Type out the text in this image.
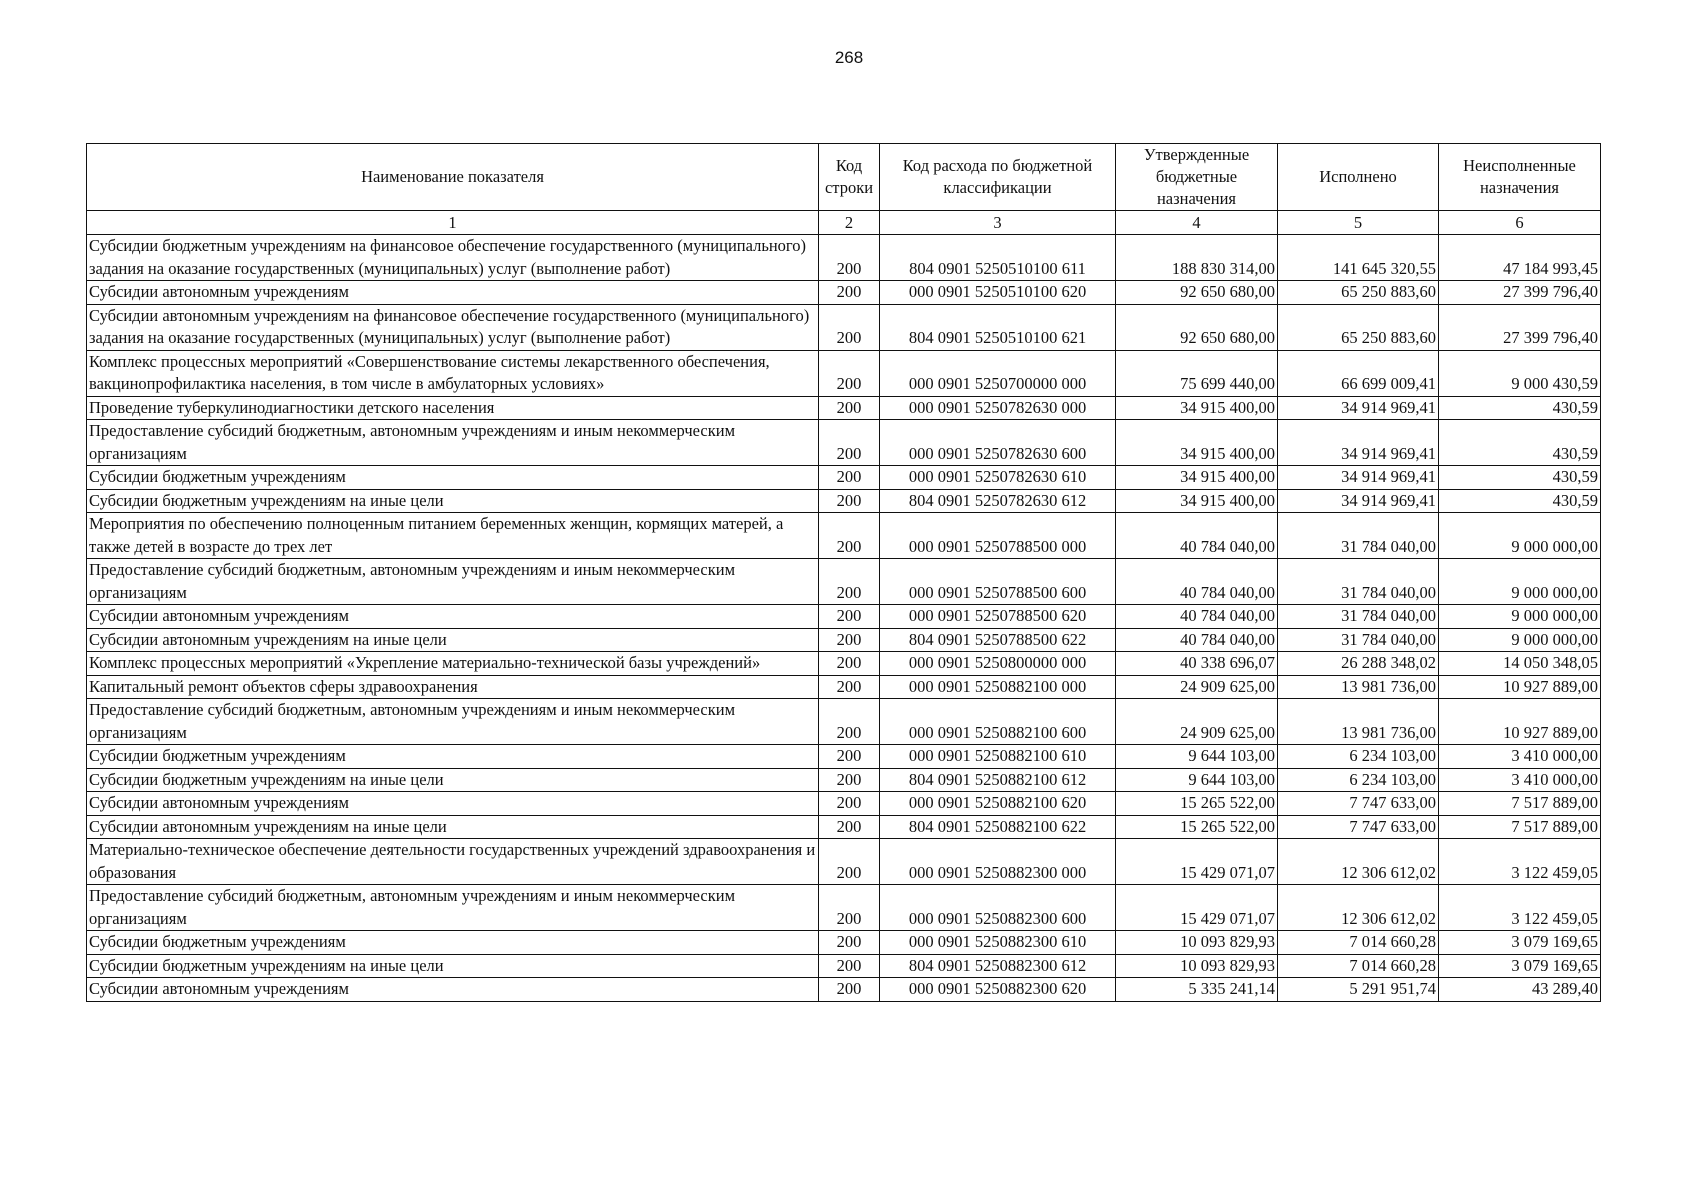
268
Наименование показателя	Код строки	Код расхода по бюджетной классификации	Утвержденные бюджетные назначения	Исполнено	Неисполненные назначения
1	2	3	4	5	6
Субсидии бюджетным учреждениям на финансовое обеспечение государственного (муниципального) задания на оказание государственных (муниципальных) услуг (выполнение работ)	200	804 0901 5250510100 611	188 830 314,00	141 645 320,55	47 184 993,45
Субсидии автономным учреждениям	200	000 0901 5250510100 620	92 650 680,00	65 250 883,60	27 399 796,40
Субсидии автономным учреждениям на финансовое обеспечение государственного (муниципального) задания на оказание государственных (муниципальных) услуг (выполнение работ)	200	804 0901 5250510100 621	92 650 680,00	65 250 883,60	27 399 796,40
Комплекс процессных мероприятий «Совершенствование системы лекарственного обеспечения, вакцинопрофилактика населения, в том числе в амбулаторных условиях»	200	000 0901 5250700000 000	75 699 440,00	66 699 009,41	9 000 430,59
Проведение туберкулинодиагностики детского населения	200	000 0901 5250782630 000	34 915 400,00	34 914 969,41	430,59
Предоставление субсидий бюджетным, автономным учреждениям и иным некоммерческим организациям	200	000 0901 5250782630 600	34 915 400,00	34 914 969,41	430,59
Субсидии бюджетным учреждениям	200	000 0901 5250782630 610	34 915 400,00	34 914 969,41	430,59
Субсидии бюджетным учреждениям на иные цели	200	804 0901 5250782630 612	34 915 400,00	34 914 969,41	430,59
Мероприятия по обеспечению полноценным питанием беременных женщин, кормящих матерей, а также детей в возрасте до трех лет	200	000 0901 5250788500 000	40 784 040,00	31 784 040,00	9 000 000,00
Предоставление субсидий бюджетным, автономным учреждениям и иным некоммерческим организациям	200	000 0901 5250788500 600	40 784 040,00	31 784 040,00	9 000 000,00
Субсидии автономным учреждениям	200	000 0901 5250788500 620	40 784 040,00	31 784 040,00	9 000 000,00
Субсидии автономным учреждениям на иные цели	200	804 0901 5250788500 622	40 784 040,00	31 784 040,00	9 000 000,00
Комплекс процессных мероприятий «Укрепление материально-технической базы учреждений»	200	000 0901 5250800000 000	40 338 696,07	26 288 348,02	14 050 348,05
Капитальный ремонт объектов сферы здравоохранения	200	000 0901 5250882100 000	24 909 625,00	13 981 736,00	10 927 889,00
Предоставление субсидий бюджетным, автономным учреждениям и иным некоммерческим организациям	200	000 0901 5250882100 600	24 909 625,00	13 981 736,00	10 927 889,00
Субсидии бюджетным учреждениям	200	000 0901 5250882100 610	9 644 103,00	6 234 103,00	3 410 000,00
Субсидии бюджетным учреждениям на иные цели	200	804 0901 5250882100 612	9 644 103,00	6 234 103,00	3 410 000,00
Субсидии автономным учреждениям	200	000 0901 5250882100 620	15 265 522,00	7 747 633,00	7 517 889,00
Субсидии автономным учреждениям на иные цели	200	804 0901 5250882100 622	15 265 522,00	7 747 633,00	7 517 889,00
Материально-техническое обеспечение деятельности государственных учреждений здравоохранения и образования	200	000 0901 5250882300 000	15 429 071,07	12 306 612,02	3 122 459,05
Предоставление субсидий бюджетным, автономным учреждениям и иным некоммерческим организациям	200	000 0901 5250882300 600	15 429 071,07	12 306 612,02	3 122 459,05
Субсидии бюджетным учреждениям	200	000 0901 5250882300 610	10 093 829,93	7 014 660,28	3 079 169,65
Субсидии бюджетным учреждениям на иные цели	200	804 0901 5250882300 612	10 093 829,93	7 014 660,28	3 079 169,65
Субсидии автономным учреждениям	200	000 0901 5250882300 620	5 335 241,14	5 291 951,74	43 289,40
